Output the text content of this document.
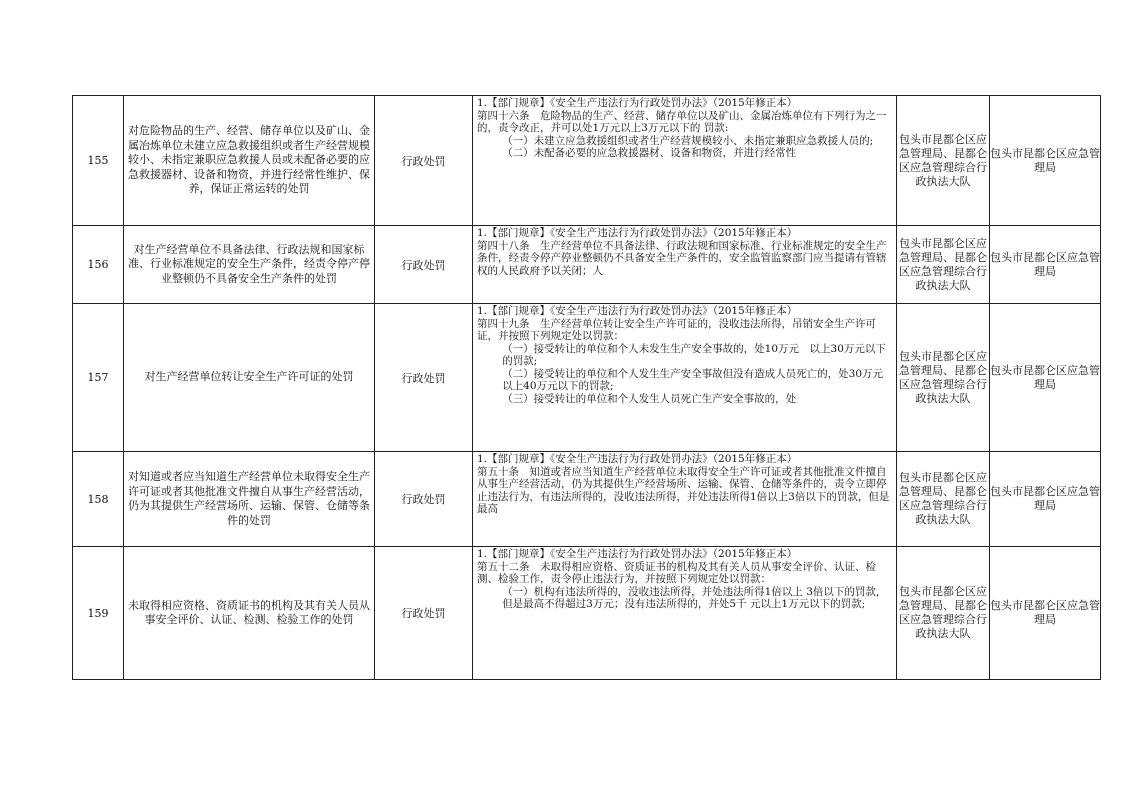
155	对危险物品的生产、经营、储存单位以及矿山、金属冶炼单位未建立应急救援组织或者生产经营规模较小、未指定兼职应急救援人员或未配备必要的应急救援器材、设备和物资，并进行经常性维护、保养，保证正常运转的处罚	行政处罚	1.【部门规章】《安全生产违法行为行政处罚办法》（2015年修正本）
第四十六条　危险物品的生产、经营、储存单位以及矿山、金属冶炼单位有下列行为之一的，责令改正，并可以处1万元以上3万元以下的 罚款:
（一）未建立应急救援组织或者生产经营规模较小、未指定兼职应急救援人员的;
（二）未配备必要的应急救援器材、设备和物资，并进行经常性	包头市昆都仑区应急管理局、昆都仑区应急管理综合行政执法大队	包头市昆都仑区应急管理局
156	对生产经营单位不具备法律、行政法规和国家标准、行业标准规定的安全生产条件，经责令停产停业整顿仍不具备安全生产条件的处罚	行政处罚	1.【部门规章】《安全生产违法行为行政处罚办法》（2015年修正本）
第四十八条　生产经营单位不具备法律、行政法规和国家标准、行业标准规定的安全生产条件，经责令停产停业整顿仍不具备安全生产条件的，安全监管监察部门应当提请有管辖权的人民政府予以关闭；人	包头市昆都仑区应急管理局、昆都仑区应急管理综合行政执法大队	包头市昆都仑区应急管理局
157	对生产经营单位转让安全生产许可证的处罚	行政处罚	1.【部门规章】《安全生产违法行为行政处罚办法》（2015年修正本）
第四十九条　生产经营单位转让安全生产许可证的，没收违法所得，吊销安全生产许可证，并按照下列规定处以罚款：
（一）接受转让的单位和个人未发生生产安全事故的，处10万元　以上30万元以下的罚款;
（二）接受转让的单位和个人发生生产安全事故但没有造成人员死亡的，处30万元以上40万元以下的罚款;
（三）接受转让的单位和个人发生人员死亡生产安全事故的，处	包头市昆都仑区应急管理局、昆都仑区应急管理综合行政执法大队	包头市昆都仑区应急管理局
158	对知道或者应当知道生产经营单位未取得安全生产许可证或者其他批准文件擅自从事生产经营活动，仍为其提供生产经营场所、运输、保管、仓储等条件的处罚	行政处罚	1.【部门规章】《安全生产违法行为行政处罚办法》（2015年修正本）
第五十条　知道或者应当知道生产经营单位未取得安全生产许可证或者其他批准文件擅自从事生产经营活动，仍为其提供生产经营场所、运输、保管、仓储等条件的，责令立即停止违法行为，有违法所得的，没收违法所得，并处违法所得1倍以上3倍以下的罚款，但是最高	包头市昆都仑区应急管理局、昆都仑区应急管理综合行政执法大队	包头市昆都仑区应急管理局
159	未取得相应资格、资质证书的机构及其有关人员从事安全评价、认证、检测、检验工作的处罚	行政处罚	1.【部门规章】《安全生产违法行为行政处罚办法》（2015年修正本）
第五十二条　未取得相应资格、资质证书的机构及其有关人员从事安全评价、认证、检测、检验工作，责令停止违法行为，并按照下列规定处以罚款：
（一）机构有违法所得的，没收违法所得，并处违法所得1倍以上 3倍以下的罚款，但是最高不得超过3万元；没有违法所得的，并处5千 元以上1万元以下的罚款;	包头市昆都仑区应急管理局、昆都仑区应急管理综合行政执法大队	包头市昆都仑区应急管理局
